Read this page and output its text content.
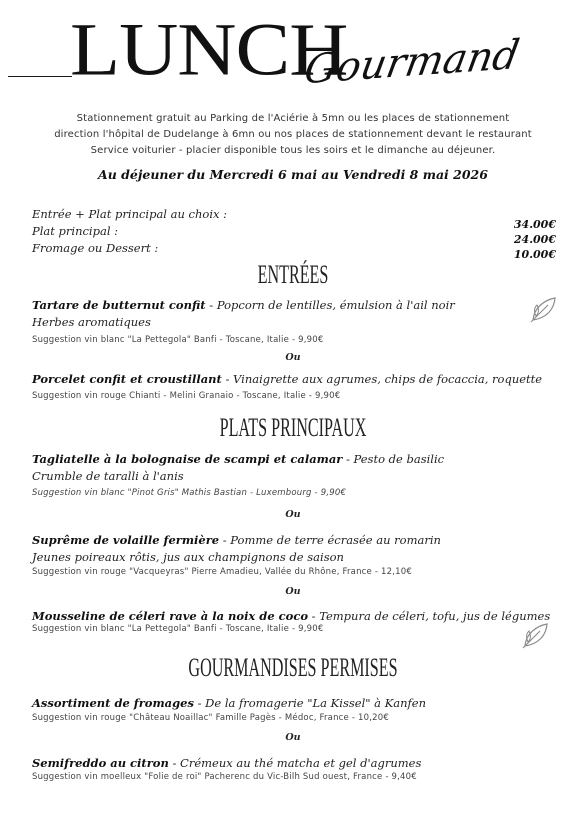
LUNCH
Gourmand
Stationnement gratuit au Parking de l'Aciérie à 5mn ou les places de stationnement
direction l'hôpital de Dudelange à 6mn ou nos places de stationnement devant le restaurant
Service voiturier - placier disponible tous les soirs et le dimanche au déjeuner.
Au déjeuner du Mercredi 6 mai au Vendredi 8 mai 2026
Entrée + Plat principal au choix :
Plat principal :
Fromage ou Dessert :
34.00€
24.00€
10.00€
ENTRÉES
Tartare de butternut confit - Popcorn de lentilles, émulsion à l'ail noir
Herbes aromatiques
Suggestion vin blanc "La Pettegola" Banfi - Toscane, Italie - 9,90€
Ou
Porcelet confit et croustillant - Vinaigrette aux agrumes, chips de focaccia, roquette
Suggestion vin rouge Chianti - Melini Granaio - Toscane, Italie - 9,90€
PLATS PRINCIPAUX
Tagliatelle à la bolognaise de scampi et calamar - Pesto de basilic
Crumble de taralli à l'anis
Suggestion vin blanc "Pinot Gris" Mathis Bastian - Luxembourg - 9,90€
Ou
Suprême de volaille fermière - Pomme de terre écrasée au romarin
Jeunes poireaux rôtis, jus aux champignons de saison
Suggestion vin rouge "Vacqueyras" Pierre Amadieu, Vallée du Rhône, France - 12,10€
Ou
Mousseline de céleri rave à la noix de coco - Tempura de céleri, tofu, jus de légumes
Suggestion vin blanc "La Pettegola" Banfi - Toscane, Italie - 9,90€
GOURMANDISES PERMISES
Assortiment de fromages - De la fromagerie "La Kissel" à Kanfen
Suggestion vin rouge "Château Noaillac" Famille Pagès - Médoc, France - 10,20€
Ou
Semifreddo au citron - Crémeux au thé matcha et gel d'agrumes
Suggestion vin moelleux "Folie de roi" Pacherenc du Vic-Bilh Sud ouest, France - 9,40€
